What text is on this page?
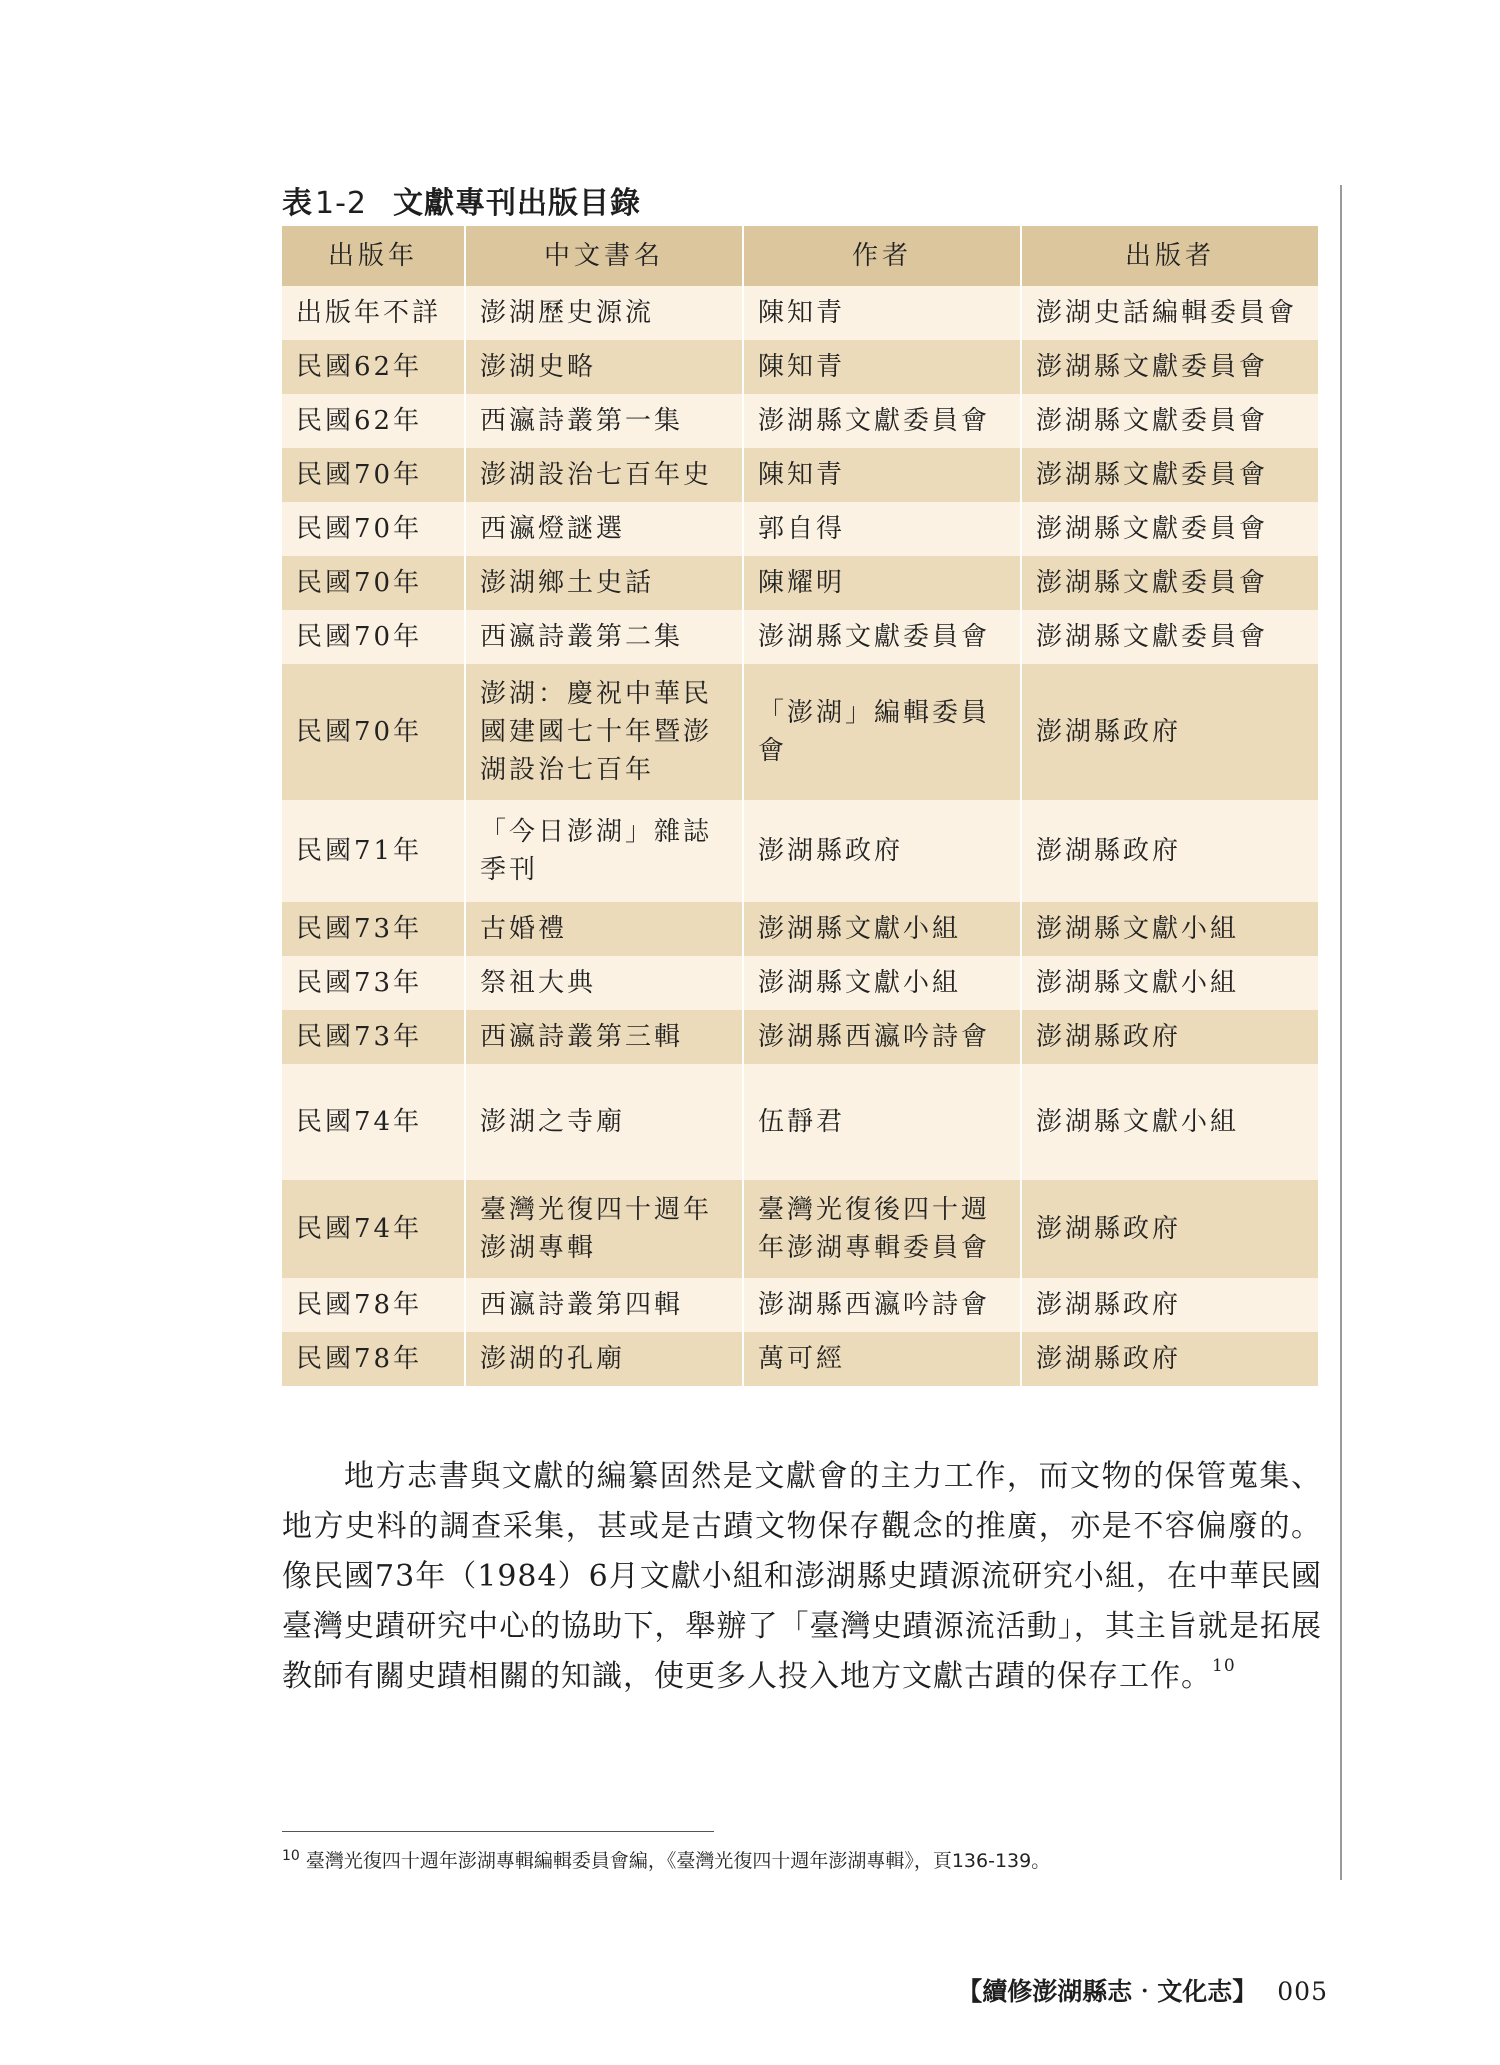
表1-2 文獻專刊出版目錄
出版年	中文書名	作者	出版者
出版年不詳	澎湖歷史源流	陳知青	澎湖史話編輯委員會
民國62年	澎湖史略	陳知青	澎湖縣文獻委員會
民國62年	西瀛詩叢第一集	澎湖縣文獻委員會	澎湖縣文獻委員會
民國70年	澎湖設治七百年史	陳知青	澎湖縣文獻委員會
民國70年	西瀛燈謎選	郭自得	澎湖縣文獻委員會
民國70年	澎湖鄉土史話	陳耀明	澎湖縣文獻委員會
民國70年	西瀛詩叢第二集	澎湖縣文獻委員會	澎湖縣文獻委員會
民國70年	澎湖：慶祝中華民國建國七十年暨澎湖設治七百年	「澎湖」編輯委員會	澎湖縣政府
民國71年	「今日澎湖」雜誌季刊	澎湖縣政府	澎湖縣政府
民國73年	古婚禮	澎湖縣文獻小組	澎湖縣文獻小組
民國73年	祭祖大典	澎湖縣文獻小組	澎湖縣文獻小組
民國73年	西瀛詩叢第三輯	澎湖縣西瀛吟詩會	澎湖縣政府
民國74年	澎湖之寺廟	伍靜君	澎湖縣文獻小組
民國74年	臺灣光復四十週年澎湖專輯	臺灣光復後四十週年澎湖專輯委員會	澎湖縣政府
民國78年	西瀛詩叢第四輯	澎湖縣西瀛吟詩會	澎湖縣政府
民國78年	澎湖的孔廟	萬可經	澎湖縣政府

地方志書與文獻的編纂固然是文獻會的主力工作，而文物的保管蒐集、地方史料的調查采集，甚或是古蹟文物保存觀念的推廣，亦是不容偏廢的。像民國73年（1984）6月文獻小組和澎湖縣史蹟源流研究小組，在中華民國臺灣史蹟研究中心的協助下，舉辦了「臺灣史蹟源流活動」，其主旨就是拓展教師有關史蹟相關的知識，使更多人投入地方文獻古蹟的保存工作。$^{10}$

$^{10}$ 臺灣光復四十週年澎湖專輯編輯委員會編，《臺灣光復四十週年澎湖專輯》，頁136-139。
【續修澎湖縣志‧文化志】 005
